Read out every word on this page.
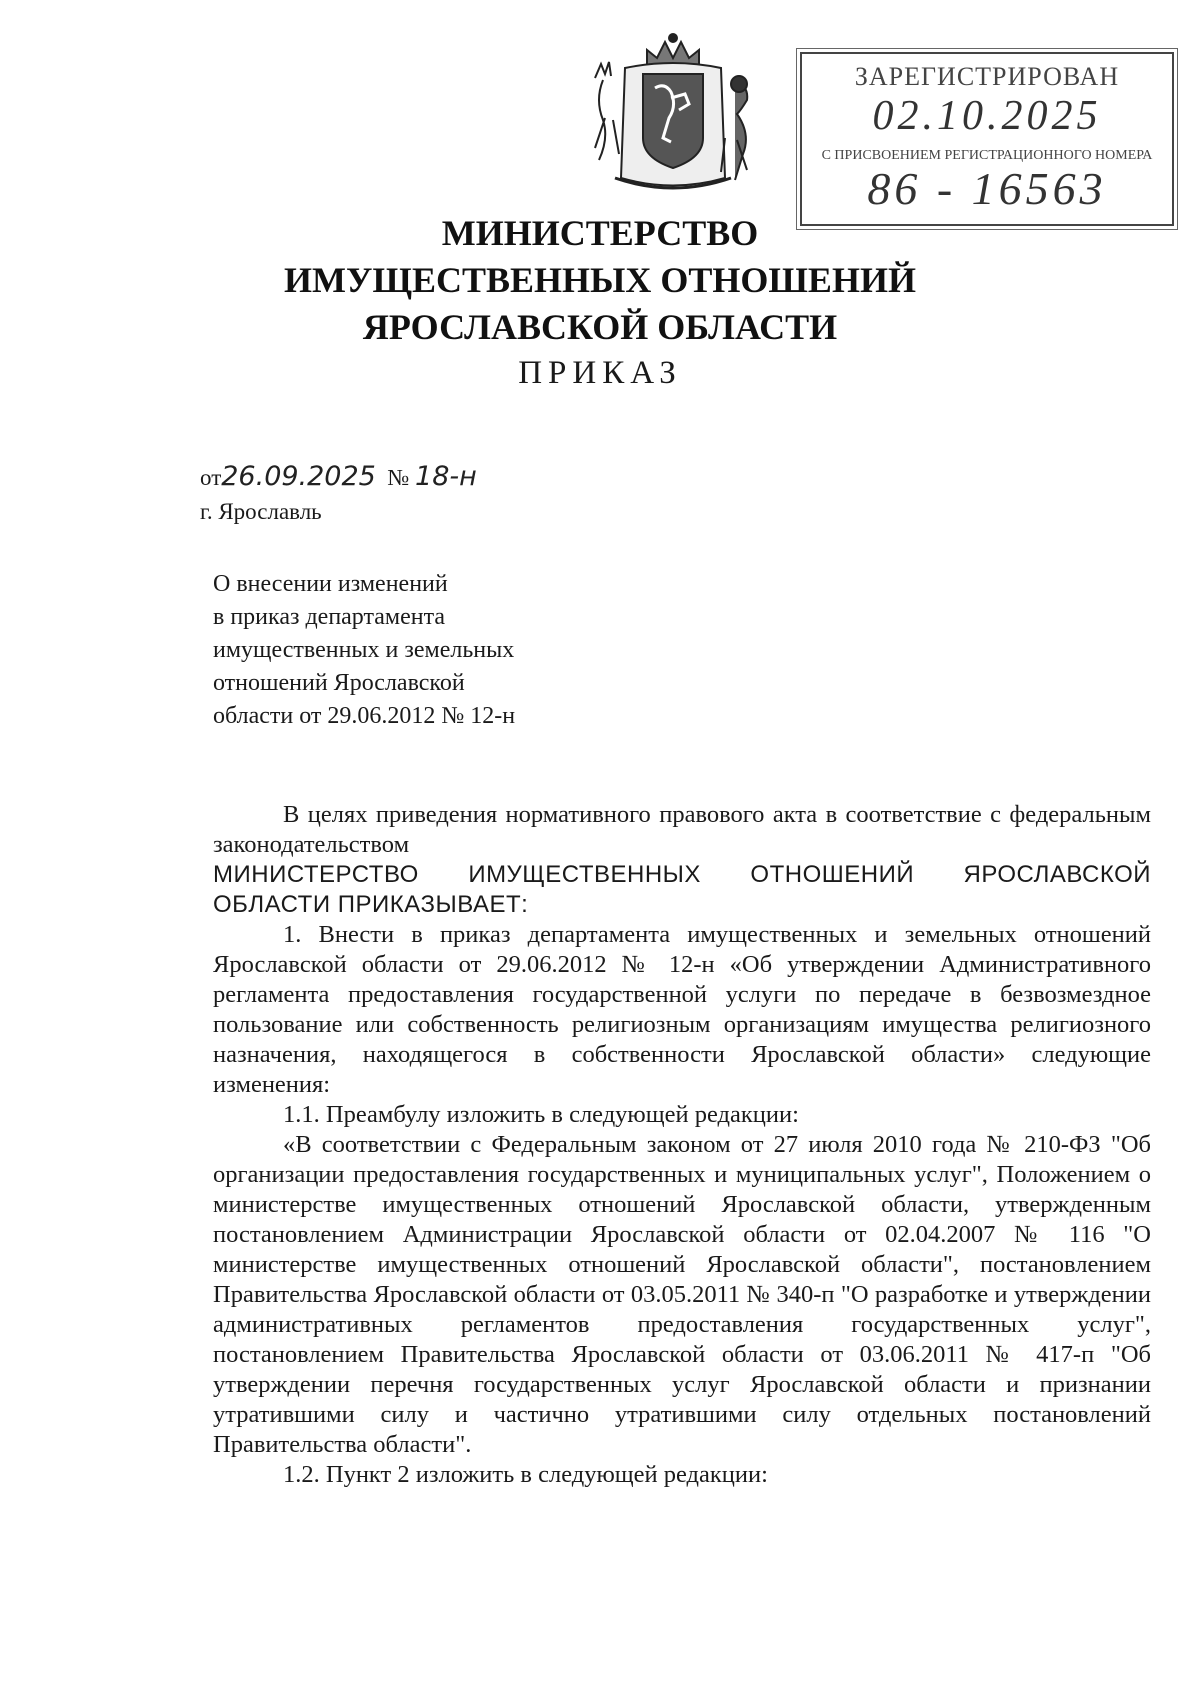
ЗАРЕГИСТРИРОВАН
02.10.2025
С ПРИСВОЕНИЕМ РЕГИСТРАЦИОННОГО НОМЕРА
86 - 16563
МИНИСТЕРСТВО
ИМУЩЕСТВЕННЫХ ОТНОШЕНИЙ
ЯРОСЛАВСКОЙ ОБЛАСТИ
ПРИКАЗ
от26.09.2025 № 18-н
г. Ярославль
О внесении изменений
в приказ департамента
имущественных и земельных
отношений Ярославской
области от 29.06.2012 № 12-н

В целях приведения нормативного правового акта в соответствие с федеральным законодательством

МИНИСТЕРСТВО ИМУЩЕСТВЕННЫХ ОТНОШЕНИЙ ЯРОСЛАВСКОЙ

ОБЛАСТИ ПРИКАЗЫВАЕТ:

1. Внести в приказ департамента имущественных и земельных отношений Ярославской области от 29.06.2012 № 12-н «Об утверждении Административного регламента предоставления государственной услуги по передаче в безвозмездное пользование или собственность религиозным организациям имущества религиозного назначения, находящегося в собственности Ярославской области» следующие изменения:

1.1. Преамбулу изложить в следующей редакции:

«В соответствии с Федеральным законом от 27 июля 2010 года № 210-ФЗ "Об организации предоставления государственных и муниципальных услуг", Положением о министерстве имущественных отношений Ярославской области, утвержденным постановлением Администрации Ярославской области от 02.04.2007 № 116 "О министерстве имущественных отношений Ярославской области", постановлением Правительства Ярославской области от 03.05.2011 № 340-п "О разработке и утверждении административных регламентов предоставления государственных услуг", постановлением Правительства Ярославской области от 03.06.2011 № 417-п "Об утверждении перечня государственных услуг Ярославской области и признании утратившими силу и частично утратившими силу отдельных постановлений Правительства области".

1.2. Пункт 2 изложить в следующей редакции:
